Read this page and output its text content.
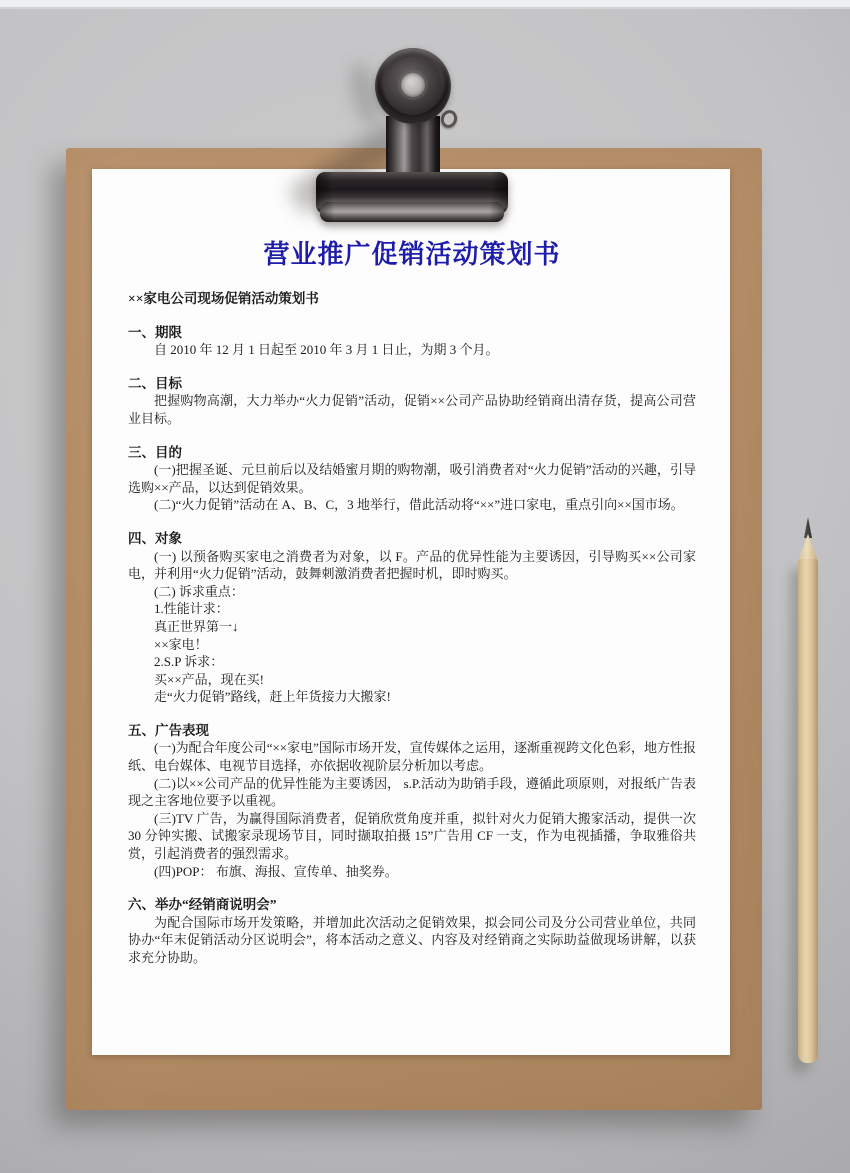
营业推广促销活动策划书
××家电公司现场促销活动策划书
一、期限

自 2010 年 12 月 1 日起至 2010 年 3 月 1 日止，为期 3 个月。

二、目标

把握购物高潮，大力举办“火力促销”活动，促销××公司产品协助经销商出清存货，提高公司营业目标。

三、目的

(一)把握圣诞、元旦前后以及结婚蜜月期的购物潮，吸引消费者对“火力促销”活动的兴趣，引导选购××产品，以达到促销效果。

(二)“火力促销”活动在 A、B、C，3 地举行，借此活动将“××”进口家电，重点引向××国市场。

四、对象

(一) 以预备购买家电之消费者为对象，以 F。产品的优异性能为主要诱因，引导购买××公司家电，并利用“火力促销”活动，鼓舞刺激消费者把握时机，即时购买。

(二) 诉求重点：

1.性能计求：

真正世界第一↓

××家电！

2.S.P 诉求：

买××产品，现在买!

走“火力促销”路线，赶上年货接力大搬家!

五、广告表现

(一)为配合年度公司“××家电”国际市场开发，宣传媒体之运用，逐渐重视跨文化色彩，地方性报纸、电台媒体、电视节目选择，亦依据收视阶层分析加以考虑。

(二)以××公司产品的优异性能为主要诱因， s.P.活动为助销手段，遵循此项原则，对报纸广告表现之主客地位要予以重视。

(三)TV 广告，为赢得国际消费者，促销欣赏角度并重，拟针对火力促销大搬家活动，提供一次 30 分钟实搬、试搬家录现场节目，同时撷取拍摄 15”广告用 CF 一支，作为电视插播，争取雅俗共赏，引起消费者的强烈需求。

(四)POP： 布旗、海报、宣传单、抽奖券。

六、举办“经销商说明会”

为配合国际市场开发策略，并增加此次活动之促销效果，拟会同公司及分公司营业单位，共同协办“年末促销活动分区说明会”，将本活动之意义、内容及对经销商之实际助益做现场讲解，以获求充分协助。
